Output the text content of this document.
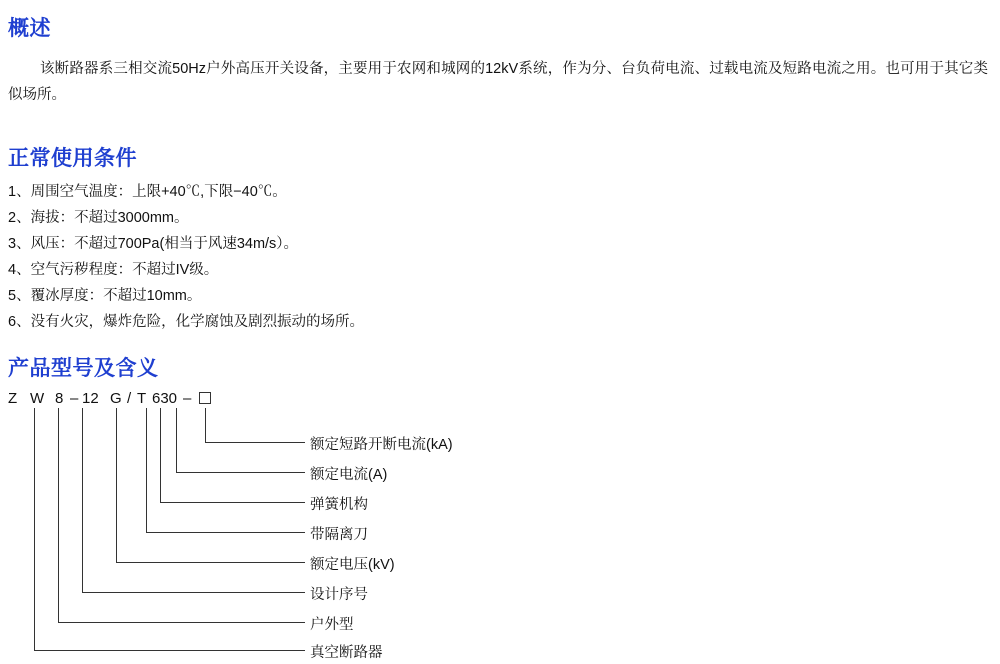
概述
该断路器系三相交流50Hz户外高压开关设备，主要用于农网和城网的12kV系统，作为分、台负荷电流、过载电流及短路电流之用。也可用于其它类似场所。
正常使用条件
1、周围空气温度：上限+40℃,下限−40℃。
2、海拔：不超过3000mm。
3、风压：不超过700Pa(相当于风速34m/s）。
4、空气污秽程度：不超过IV级。
5、覆冰厚度：不超过10mm。
6、没有火灾，爆炸危险，化学腐蚀及剧烈振动的场所。
产品型号及含义
Z W 8 – 12 G / T 630 –
额定短路开断电流(kA)
额定电流(A)
弹簧机构
带隔离刀
额定电压(kV)
设计序号
户外型
真空断路器
